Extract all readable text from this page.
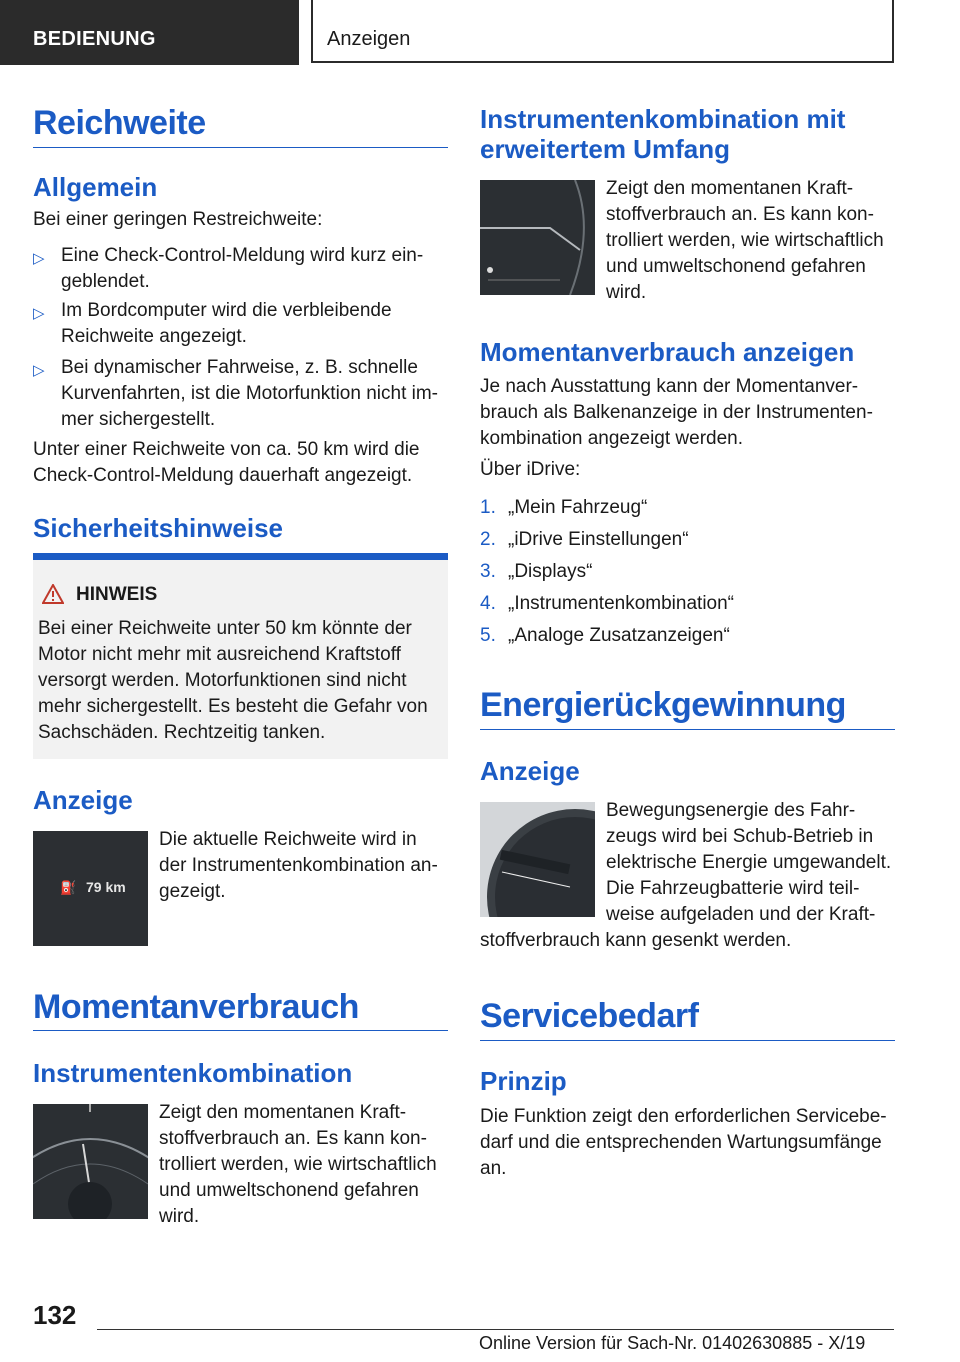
BEDIENUNG	Anzeigen
Reichweite
Allgemein
Bei einer geringen Restreichweite:
▷ Eine Check-Control-Meldung wird kurz ein-
geblendet.
▷ Im Bordcomputer wird die verbleibende
Reichweite angezeigt.
▷ Bei dynamischer Fahrweise, z. B. schnelle
Kurvenfahrten, ist die Motorfunktion nicht im-
mer sichergestellt.
Unter einer Reichweite von ca. 50 km wird die
Check-Control-Meldung dauerhaft angezeigt.
Sicherheitshinweise
HINWEIS
Bei einer Reichweite unter 50 km könnte der
Motor nicht mehr mit ausreichend Kraftstoff
versorgt werden. Motorfunktionen sind nicht
mehr sichergestellt. Es besteht die Gefahr von
Sachschäden. Rechtzeitig tanken.
Anzeige
⛽ 79 km
Die aktuelle Reichweite wird in
der Instrumentenkombination an-
gezeigt.
Momentanverbrauch
Instrumentenkombination
Zeigt den momentanen Kraft-
stoffverbrauch an. Es kann kon-
trolliert werden, wie wirtschaftlich
und umweltschonend gefahren
wird.
Instrumentenkombination mit
erweitertem Umfang
Zeigt den momentanen Kraft-
stoffverbrauch an. Es kann kon-
trolliert werden, wie wirtschaftlich
und umweltschonend gefahren
wird.
Momentanverbrauch anzeigen
Je nach Ausstattung kann der Momentanver-
brauch als Balkenanzeige in der Instrumenten-
kombination angezeigt werden.
Über iDrive:
1. „Mein Fahrzeug“
2. „iDrive Einstellungen“
3. „Displays“
4. „Instrumentenkombination“
5. „Analoge Zusatzanzeigen“
Energierückgewinnung
Anzeige
Bewegungsenergie des Fahr-
zeugs wird bei Schub-Betrieb in
elektrische Energie umgewandelt.
Die Fahrzeugbatterie wird teil-
weise aufgeladen und der Kraft-
stoffverbrauch kann gesenkt werden.
Servicebedarf
Prinzip
Die Funktion zeigt den erforderlichen Servicebe-
darf und die entsprechenden Wartungsumfänge
an.
132
Online Version für Sach-Nr. 01402630885 - X/19
